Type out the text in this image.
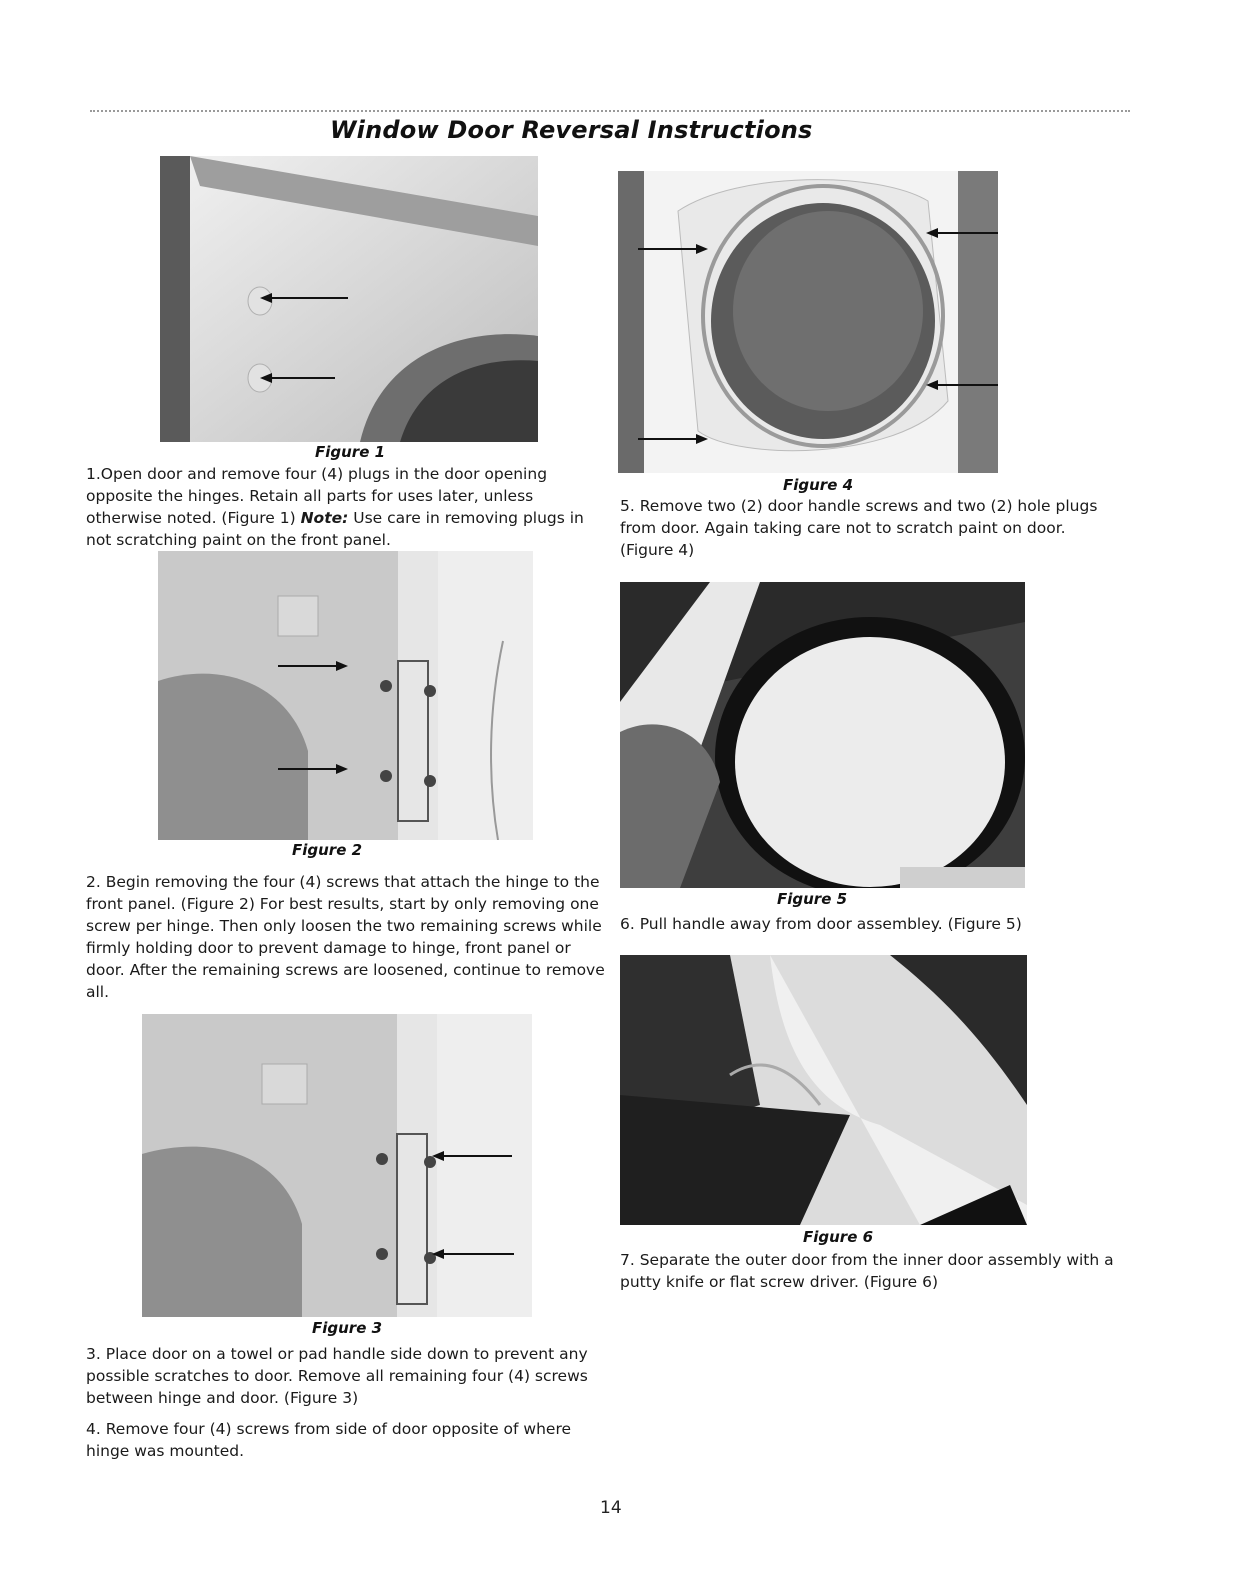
Window Door Reversal Instructions
Figure 1
1.Open door and remove four (4) plugs in the door opening opposite the hinges. Retain all parts for uses later, unless otherwise noted. (Figure 1) Note: Use care in removing plugs in not scratching paint on the front panel.
Figure 2
2. Begin removing the four (4) screws that attach the hinge to the front panel. (Figure 2) For best results, start by only removing one screw per hinge. Then only loosen the two remaining screws while firmly holding door to prevent damage to hinge, front panel or door. After the remaining screws are loosened, continue to remove all.
Figure 3
3. Place door on a towel or pad handle side down to prevent any possible scratches to door. Remove all remaining four (4) screws between hinge and door. (Figure 3)
4. Remove four (4) screws from side of door opposite of where hinge was mounted.
Figure 4
5. Remove two (2) door handle screws and two (2) hole plugs from door. Again taking care not to scratch paint on door. (Figure 4)
Figure 5
6. Pull handle away from door assembley. (Figure 5)
Figure 6
7. Separate the outer door from the inner door assembly with a putty knife or flat screw driver. (Figure 6)
14
